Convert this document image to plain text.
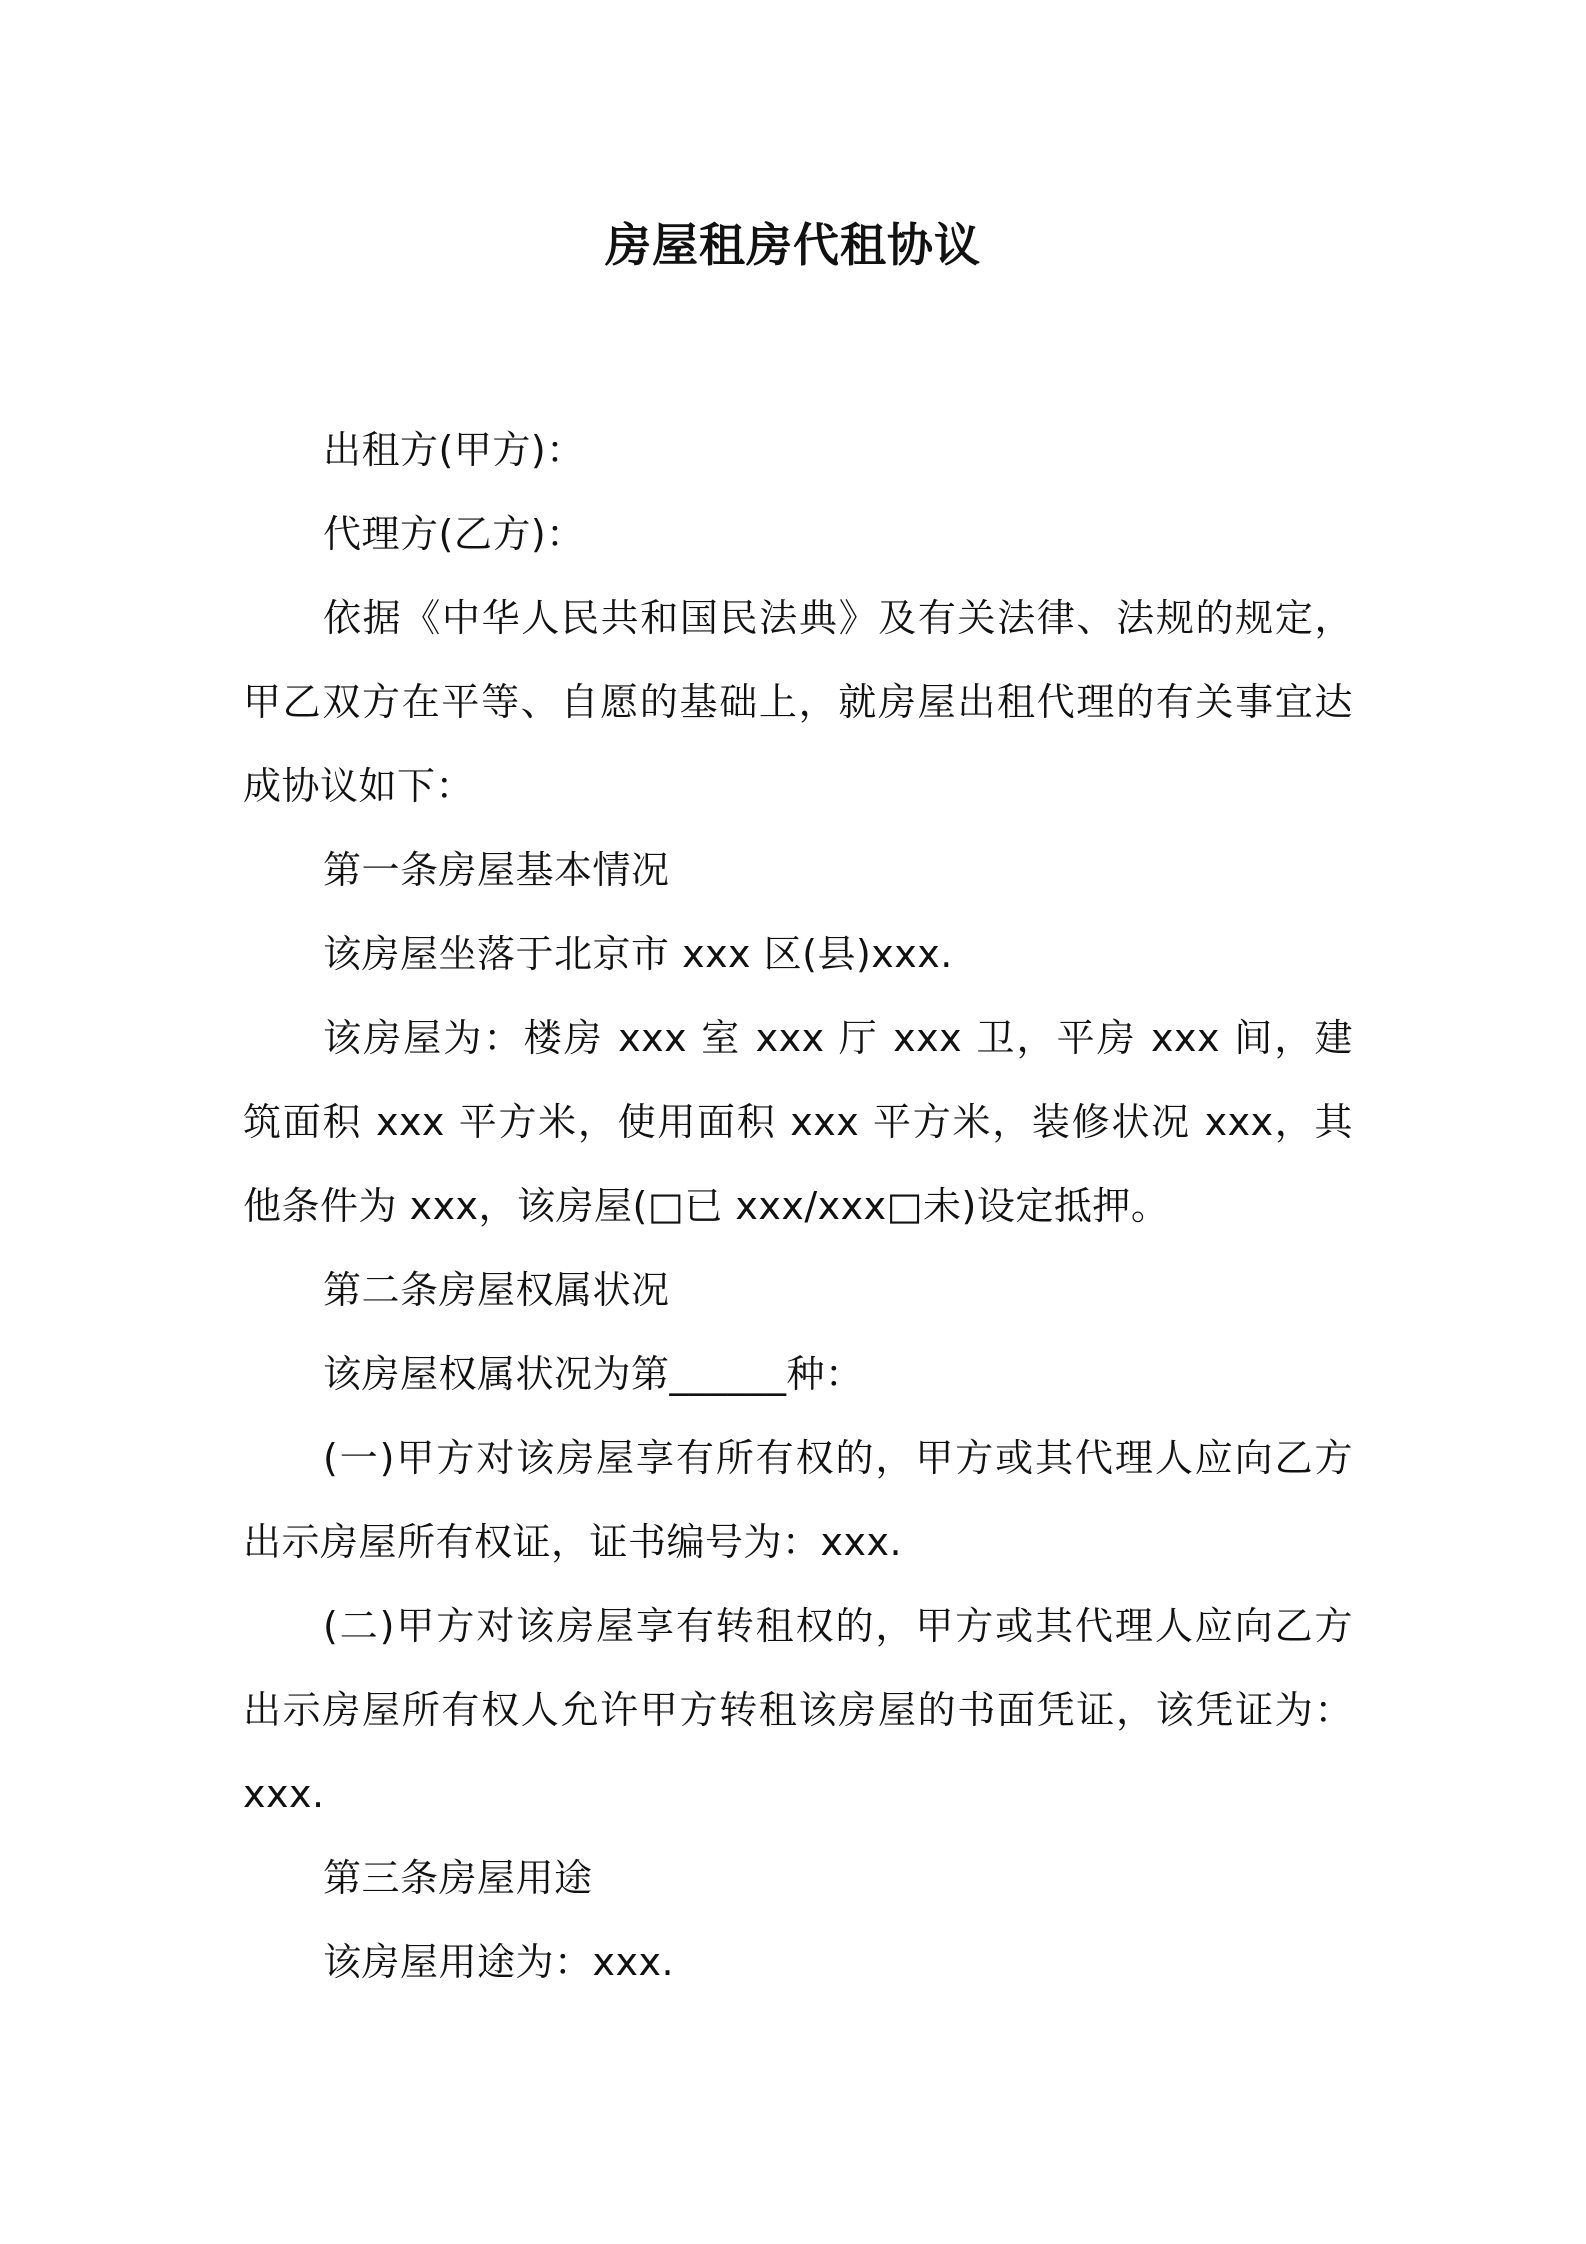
房屋租房代租协议

出租方(甲方)：

代理方(乙方)：

依据《中华人民共和国民法典》及有关法律、法规的规定，甲乙双方在平等、自愿的基础上，就房屋出租代理的有关事宜达成协议如下：

第一条房屋基本情况

该房屋坐落于北京市 xxx 区(县)xxx.

该房屋为：楼房 xxx 室 xxx 厅 xxx 卫，平房 xxx 间，建筑面积 xxx 平方米，使用面积 xxx 平方米，装修状况 xxx，其他条件为 xxx，该房屋(□已 xxx/xxx□未)设定抵押。

第二条房屋权属状况

该房屋权属状况为第______种：

(一)甲方对该房屋享有所有权的，甲方或其代理人应向乙方出示房屋所有权证，证书编号为：xxx.

(二)甲方对该房屋享有转租权的，甲方或其代理人应向乙方出示房屋所有权人允许甲方转租该房屋的书面凭证，该凭证为：xxx.

第三条房屋用途

该房屋用途为：xxx.
